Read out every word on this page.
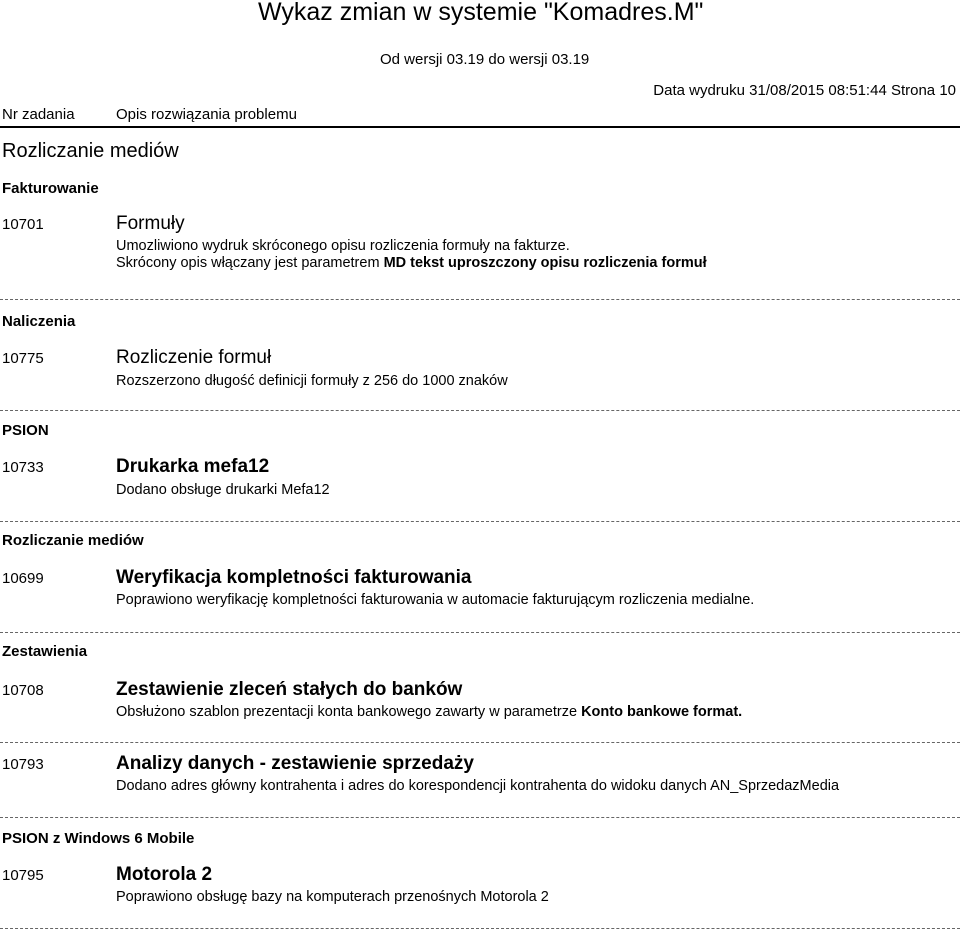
Wykaz zmian w systemie "Komadres.M"
Od wersji 03.19 do wersji 03.19
Data wydruku 31/08/2015 08:51:44 Strona 10
Nr zadania	Opis rozwiązania problemu
Rozliczanie mediów
Fakturowanie
10701	Formuły
Umozliwiono wydruk skróconego opisu rozliczenia formuły na fakturze.
Skrócony opis włączany jest parametrem MD tekst uproszczony opisu rozliczenia formuł
Naliczenia
10775	Rozliczenie formuł
Rozszerzono długość definicji formuły z 256 do 1000 znaków
PSION
10733	Drukarka mefa12
Dodano obsługe drukarki Mefa12
Rozliczanie mediów
10699	Weryfikacja kompletności fakturowania
Poprawiono weryfikację kompletności fakturowania w automacie fakturującym rozliczenia medialne.
Zestawienia
10708	Zestawienie zleceń stałych do banków
Obsłużono szablon prezentacji konta bankowego zawarty w parametrze Konto bankowe format.
10793	Analizy danych - zestawienie sprzedaży
Dodano adres główny kontrahenta i adres do korespondencji kontrahenta do widoku danych AN_SprzedazMedia
PSION z Windows 6 Mobile
10795	Motorola 2
Poprawiono obsługę bazy na komputerach przenośnych Motorola 2
